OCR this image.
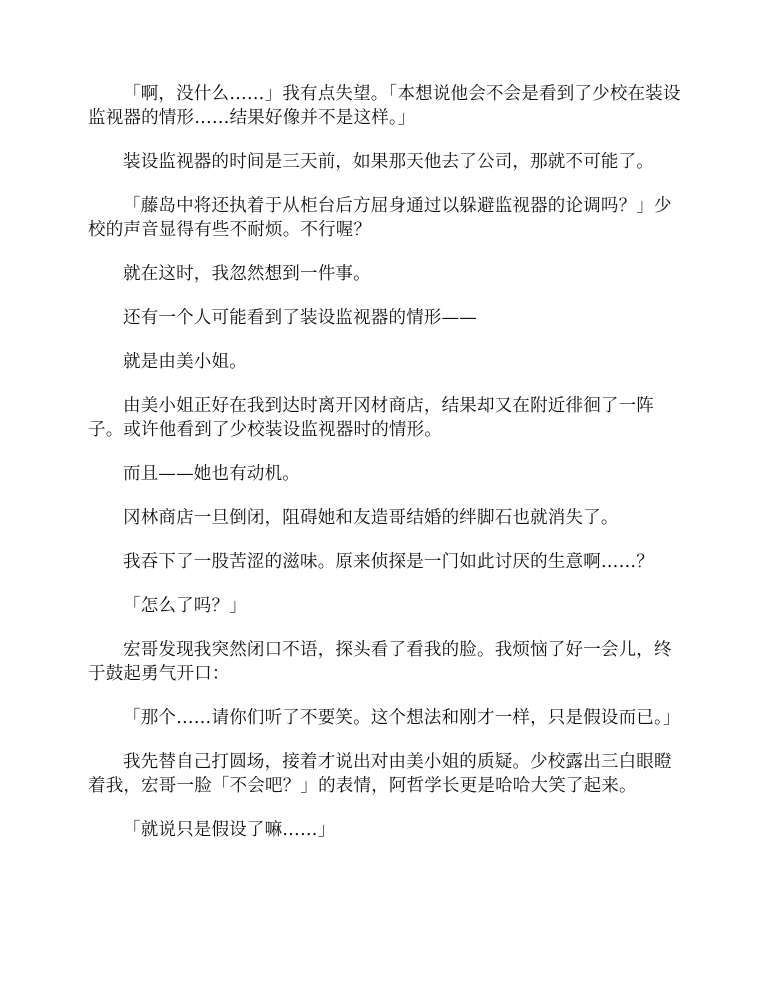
「啊，没什么……」我有点失望。「本想说他会不会是看到了少校在装设监视器的情形……结果好像并不是这样。」

装设监视器的时间是三天前，如果那天他去了公司，那就不可能了。

「藤岛中将还执着于从柜台后方屈身通过以躲避监视器的论调吗？」少校的声音显得有些不耐烦。不行喔？

就在这时，我忽然想到一件事。

还有一个人可能看到了装设监视器的情形——

就是由美小姐。

由美小姐正好在我到达时离开冈材商店，结果却又在附近徘徊了一阵子。或许他看到了少校装设监视器时的情形。

而且——她也有动机。

冈林商店一旦倒闭，阻碍她和友造哥结婚的绊脚石也就消失了。

我吞下了一股苦涩的滋味。原来侦探是一门如此讨厌的生意啊……？

「怎么了吗？」

宏哥发现我突然闭口不语，探头看了看我的脸。我烦恼了好一会儿，终于鼓起勇气开口：

「那个……请你们听了不要笑。这个想法和刚才一样，只是假设而已。」

我先替自己打圆场，接着才说出对由美小姐的质疑。少校露出三白眼瞪着我，宏哥一脸「不会吧？」的表情，阿哲学长更是哈哈大笑了起来。

「就说只是假设了嘛……」
